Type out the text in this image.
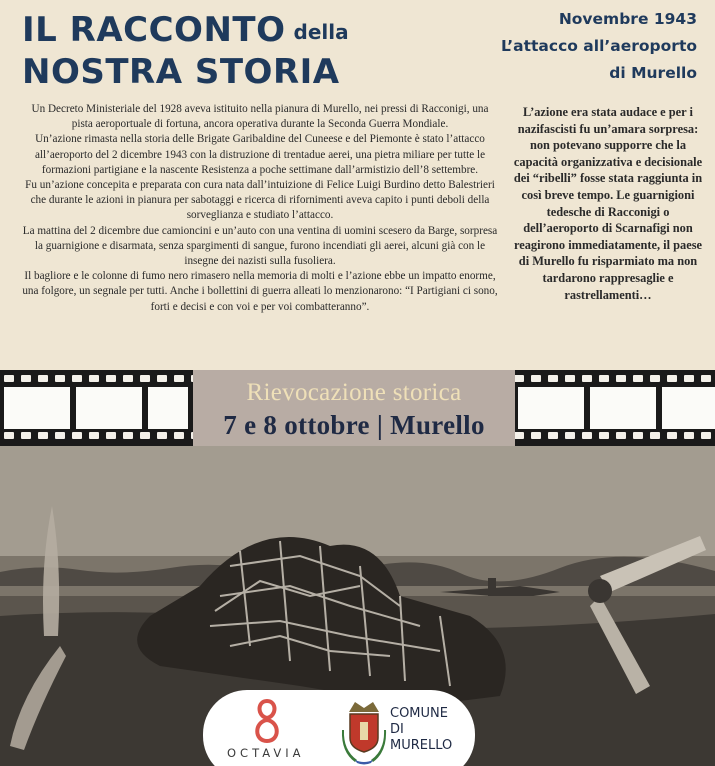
IL RACCONTO della
NOSTRA STORIA
Novembre 1943
L’attacco all’aeroporto
di Murello

Un Decreto Ministeriale del 1928 aveva istituito nella pianura di Murello, nei pressi di Racconigi, una pista aeroportuale di fortuna, ancora operativa durante la Seconda Guerra Mondiale.

Un’azione rimasta nella storia delle Brigate Garibaldine del Cuneese e del Piemonte è stato l’attacco all’aeroporto del 2 dicembre 1943 con la distruzione di trentadue aerei, una pietra miliare per tutte le formazioni partigiane e la nascente Resistenza a poche settimane dall’armistizio dell’8 settembre.

Fu un’azione concepita e preparata con cura nata dall’intuizione di Felice Luigi Burdino detto Balestrieri che durante le azioni in pianura per sabotaggi e ricerca di rifornimenti aveva capito i punti deboli della sorveglianza e studiato l’attacco.

La mattina del 2 dicembre due camioncini e un’auto con una ventina di uomini scesero da Barge, sorpresa la guarnigione e disarmata, senza spargimenti di sangue, furono incendiati gli aerei, alcuni già con le insegne dei nazisti sulla fusoliera.

Il bagliore e le colonne di fumo nero rimasero nella memoria di molti e l’azione ebbe un impatto enorme, una folgore, un segnale per tutti. Anche i bollettini di guerra alleati lo menzionarono: “I Partigiani ci sono, forti e decisi e con voi e per voi combatteranno”.

L’azione era stata audace e per i nazifascisti fu un’amara sorpresa: non potevano supporre che la capacità organizzativa e decisionale dei “ribelli” fosse stata raggiunta in così breve tempo. Le guarnigioni tedesche di Racconigi o dell’aeroporto di Scarnafigi non reagirono immediatamente, il paese di Murello fu risparmiato ma non tardarono rappresaglie e rastrellamenti…
Rievocazione storica
7 e 8 ottobre | Murello
OCTAVIA
COMUNE
DI
MURELLO
